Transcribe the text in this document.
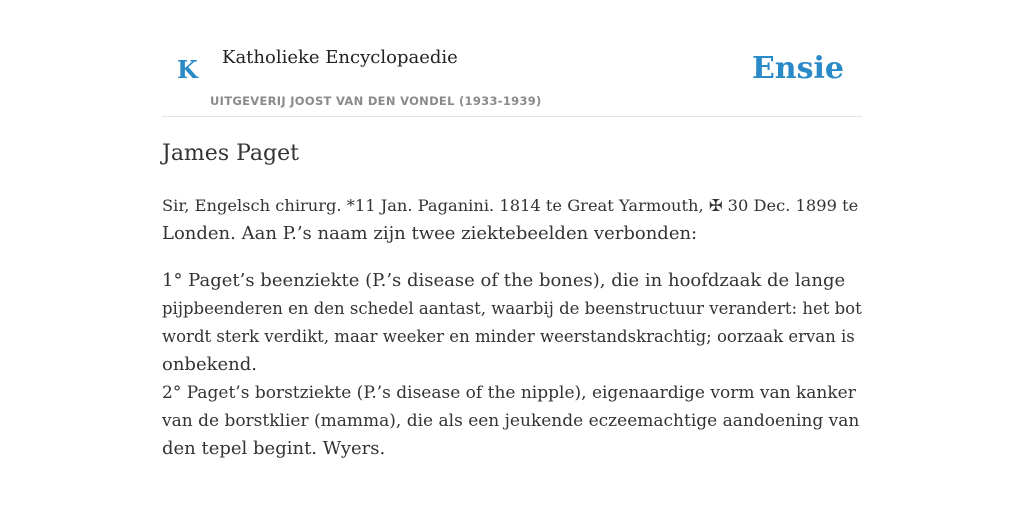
K Katholieke Encyclopaedie
UITGEVERIJ JOOST VAN DEN VONDEL (1933-1939)
Ensie
James Paget

Sir, Engelsch chirurg. *11 Jan. Paganini. 1814 te Great Yarmouth, ✠ 30 Dec. 1899 te
Londen. Aan P.’s naam zijn twee ziektebeelden verbonden:

1° Paget’s beenziekte (P.’s disease of the bones), die in hoofdzaak de lange
pijpbeenderen en den schedel aantast, waarbij de beenstructuur verandert: het bot
wordt sterk verdikt, maar weeker en minder weerstandskrachtig; oorzaak ervan is
onbekend.
2° Paget’s borstziekte (P.’s disease of the nipple), eigenaardige vorm van kanker
van de borstklier (mamma), die als een jeukende eczeemachtige aandoening van
den tepel begint. Wyers.
